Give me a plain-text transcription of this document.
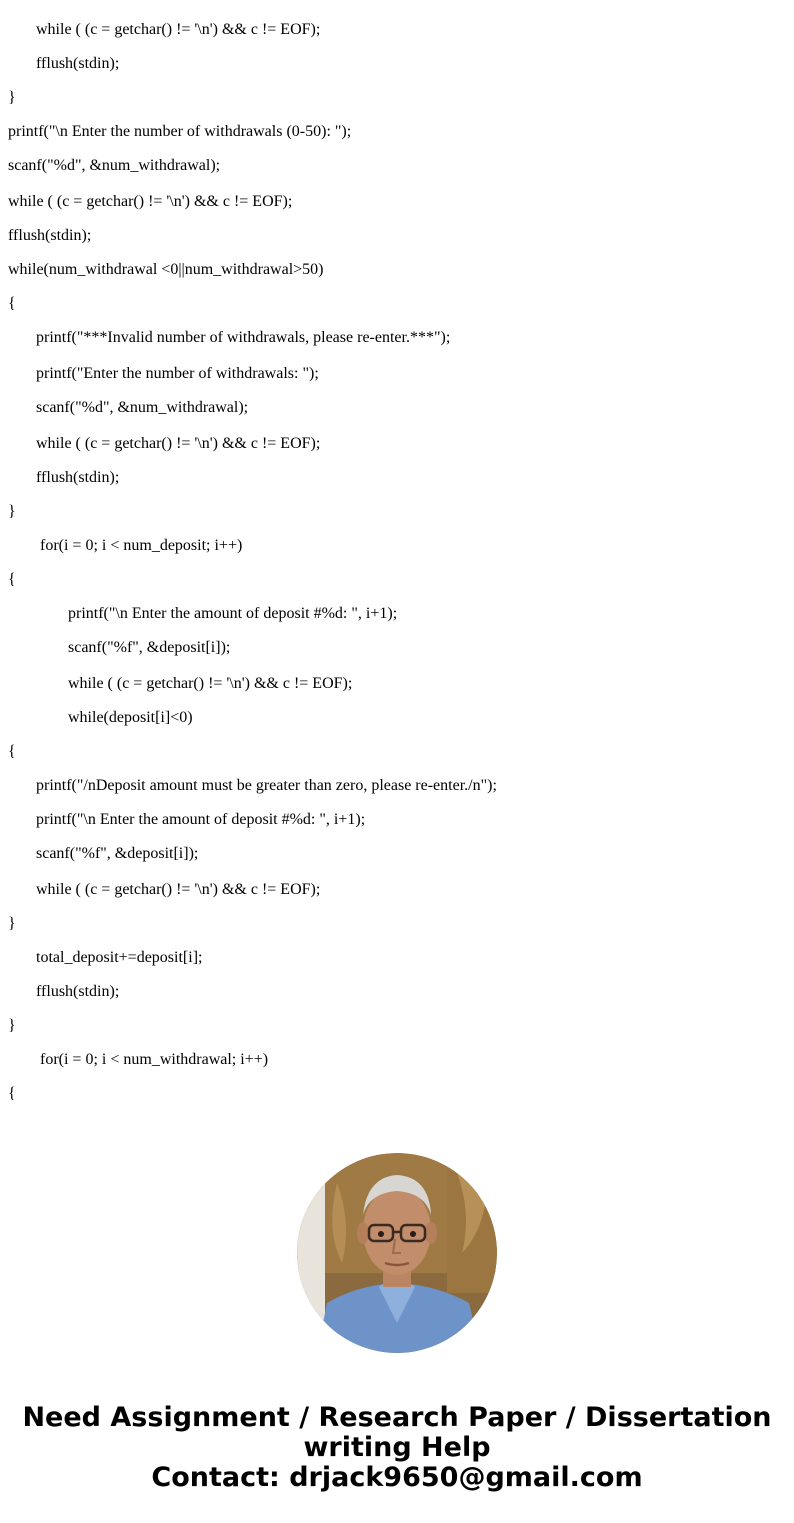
while ( (c = getchar() != '\n') && c != EOF);
fflush(stdin);
}
printf("\n Enter the number of withdrawals (0-50): ");
scanf("%d", &num_withdrawal);
while ( (c = getchar() != '\n') && c != EOF);
fflush(stdin);
while(num_withdrawal <0||num_withdrawal>50)
{
printf("***Invalid number of withdrawals, please re-enter.***");
printf("Enter the number of withdrawals: ");
scanf("%d", &num_withdrawal);
while ( (c = getchar() != '\n') && c != EOF);
fflush(stdin);
}
for(i = 0; i < num_deposit; i++)
{
printf("\n Enter the amount of deposit #%d: ", i+1);
scanf("%f", &deposit[i]);
while ( (c = getchar() != '\n') && c != EOF);
while(deposit[i]<0)
{
printf("/nDeposit amount must be greater than zero, please re-enter./n");
printf("\n Enter the amount of deposit #%d: ", i+1);
scanf("%f", &deposit[i]);
while ( (c = getchar() != '\n') && c != EOF);
}
total_deposit+=deposit[i];
fflush(stdin);
}
for(i = 0; i < num_withdrawal; i++)
{
Need Assignment / Research Paper / Dissertation
writing Help
Contact: drjack9650@gmail.com
